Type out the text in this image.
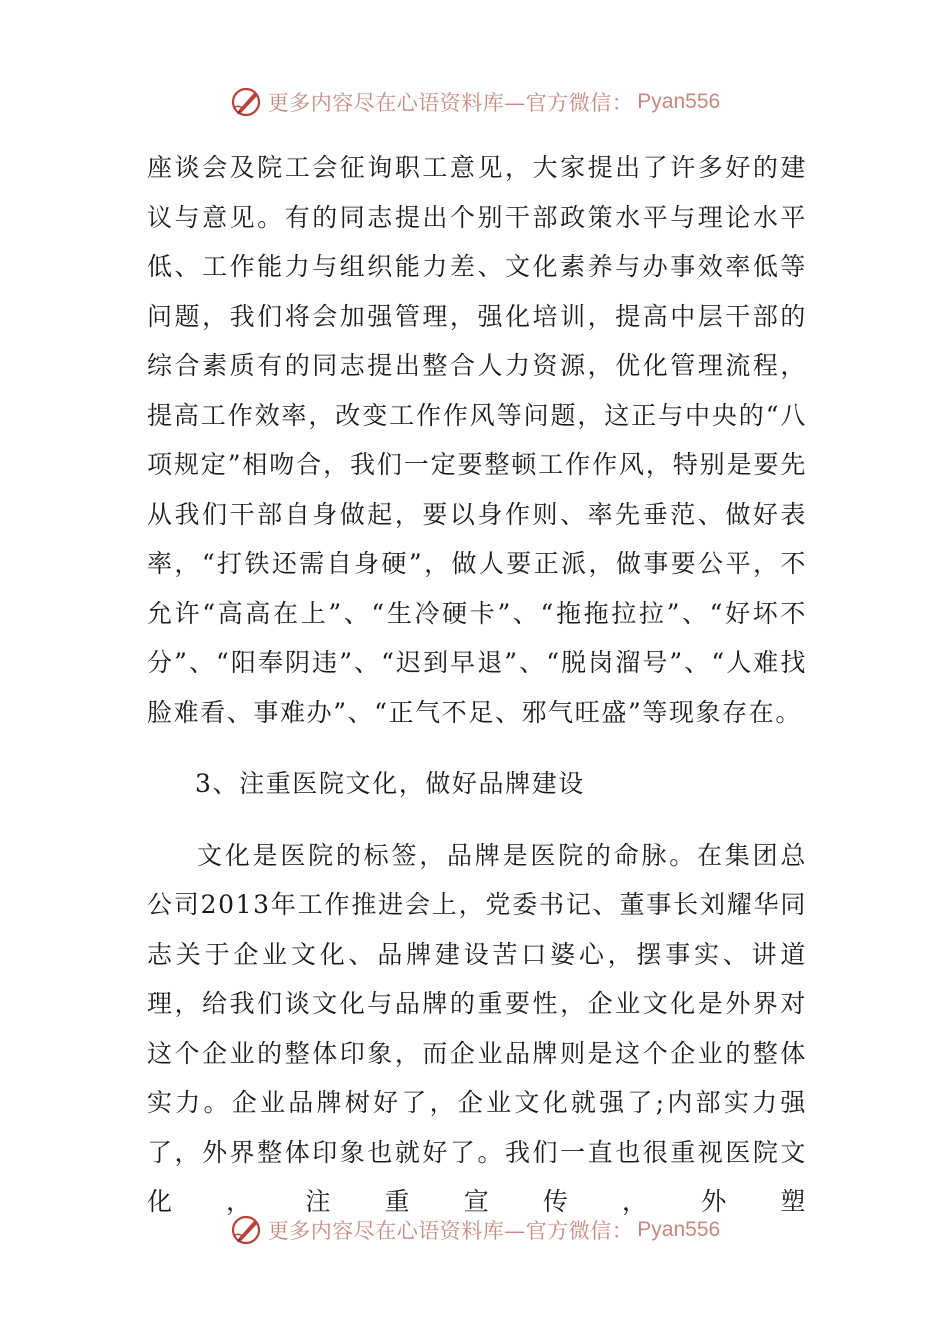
更多内容尽在心语资料库—官方微信： Pyan556

座谈会及院工会征询职工意见，大家提出了许多好的建议与意见。有的同志提出个别干部政策水平与理论水平低、工作能力与组织能力差、文化素养与办事效率低等问题，我们将会加强管理，强化培训，提高中层干部的综合素质有的同志提出整合人力资源，优化管理流程，提高工作效率，改变工作作风等问题，这正与中央的“八项规定”相吻合，我们一定要整顿工作作风，特别是要先从我们干部自身做起，要以身作则、率先垂范、做好表率，“打铁还需自身硬”，做人要正派，做事要公平，不允许“高高在上”、“生冷硬卡”、“拖拖拉拉”、“好坏不分”、“阳奉阴违”、“迟到早退”、“脱岗溜号”、“人难找脸难看、事难办”、“正气不足、邪气旺盛”等现象存在。

3、注重医院文化，做好品牌建设

文化是医院的标签，品牌是医院的命脉。在集团总公司2013年工作推进会上，党委书记、董事长刘耀华同志关于企业文化、品牌建设苦口婆心，摆事实、讲道理，给我们谈文化与品牌的重要性，企业文化是外界对这个企业的整体印象，而企业品牌则是这个企业的整体实力。企业品牌树好了，企业文化就强了;内部实力强了，外界整体印象也就好了。我们一直也很重视医院文化，注重宣传，外塑

更多内容尽在心语资料库—官方微信： Pyan556
